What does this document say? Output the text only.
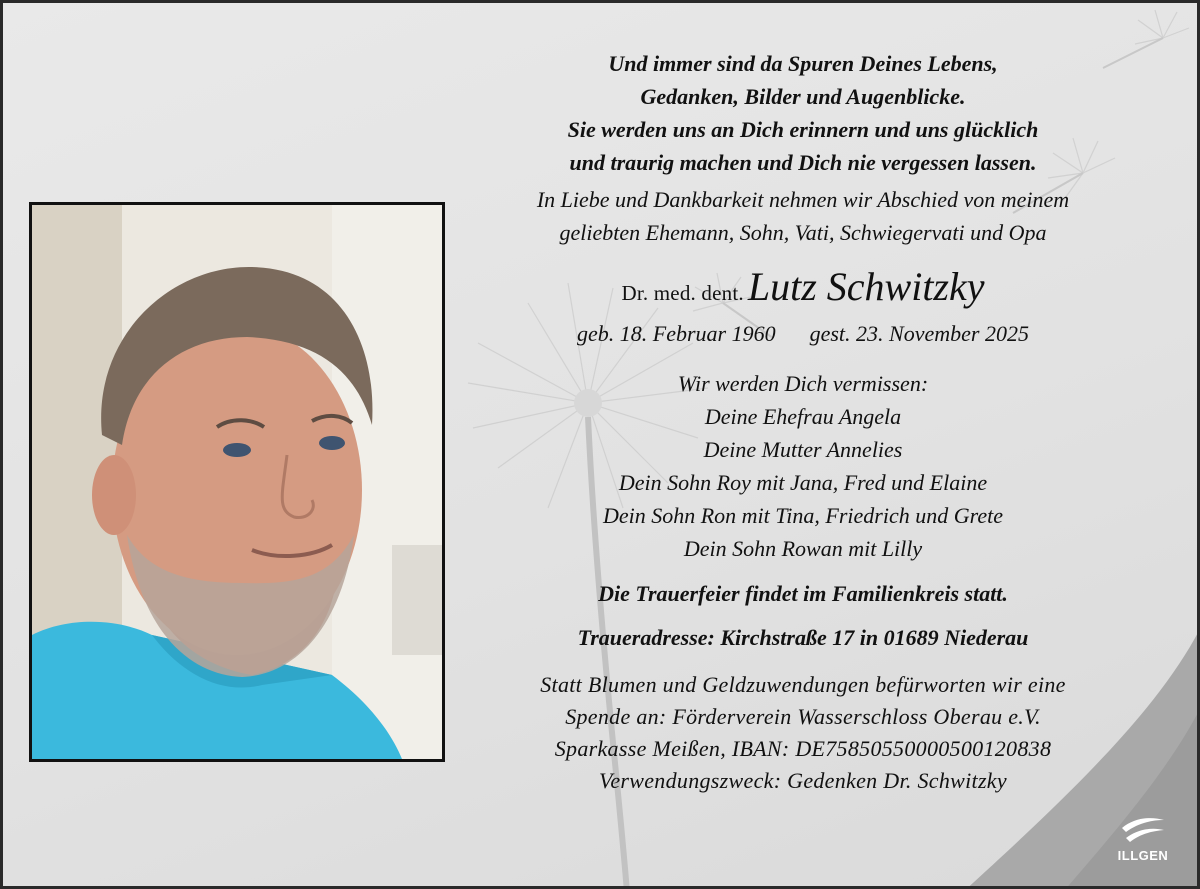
Und immer sind da Spuren Deines Lebens,
Gedanken, Bilder und Augenblicke.
Sie werden uns an Dich erinnern und uns glücklich
und traurig machen und Dich nie vergessen lassen.
In Liebe und Dankbarkeit nehmen wir Abschied von meinem
geliebten Ehemann, Sohn, Vati, Schwiegervati und Opa
Dr. med. dent. Lutz Schwitzky
geb. 18. Februar 1960 gest. 23. November 2025
Wir werden Dich vermissen:
Deine Ehefrau Angela
Deine Mutter Annelies
Dein Sohn Roy mit Jana, Fred und Elaine
Dein Sohn Ron mit Tina, Friedrich und Grete
Dein Sohn Rowan mit Lilly
Die Trauerfeier findet im Familienkreis statt.
Traueradresse: Kirchstraße 17 in 01689 Niederau
Statt Blumen und Geldzuwendungen befürworten wir eine
Spende an: Förderverein Wasserschloss Oberau e.V.
Sparkasse Meißen, IBAN: DE75850550000500120838
Verwendungszweck: Gedenken Dr. Schwitzky
ILLGEN
